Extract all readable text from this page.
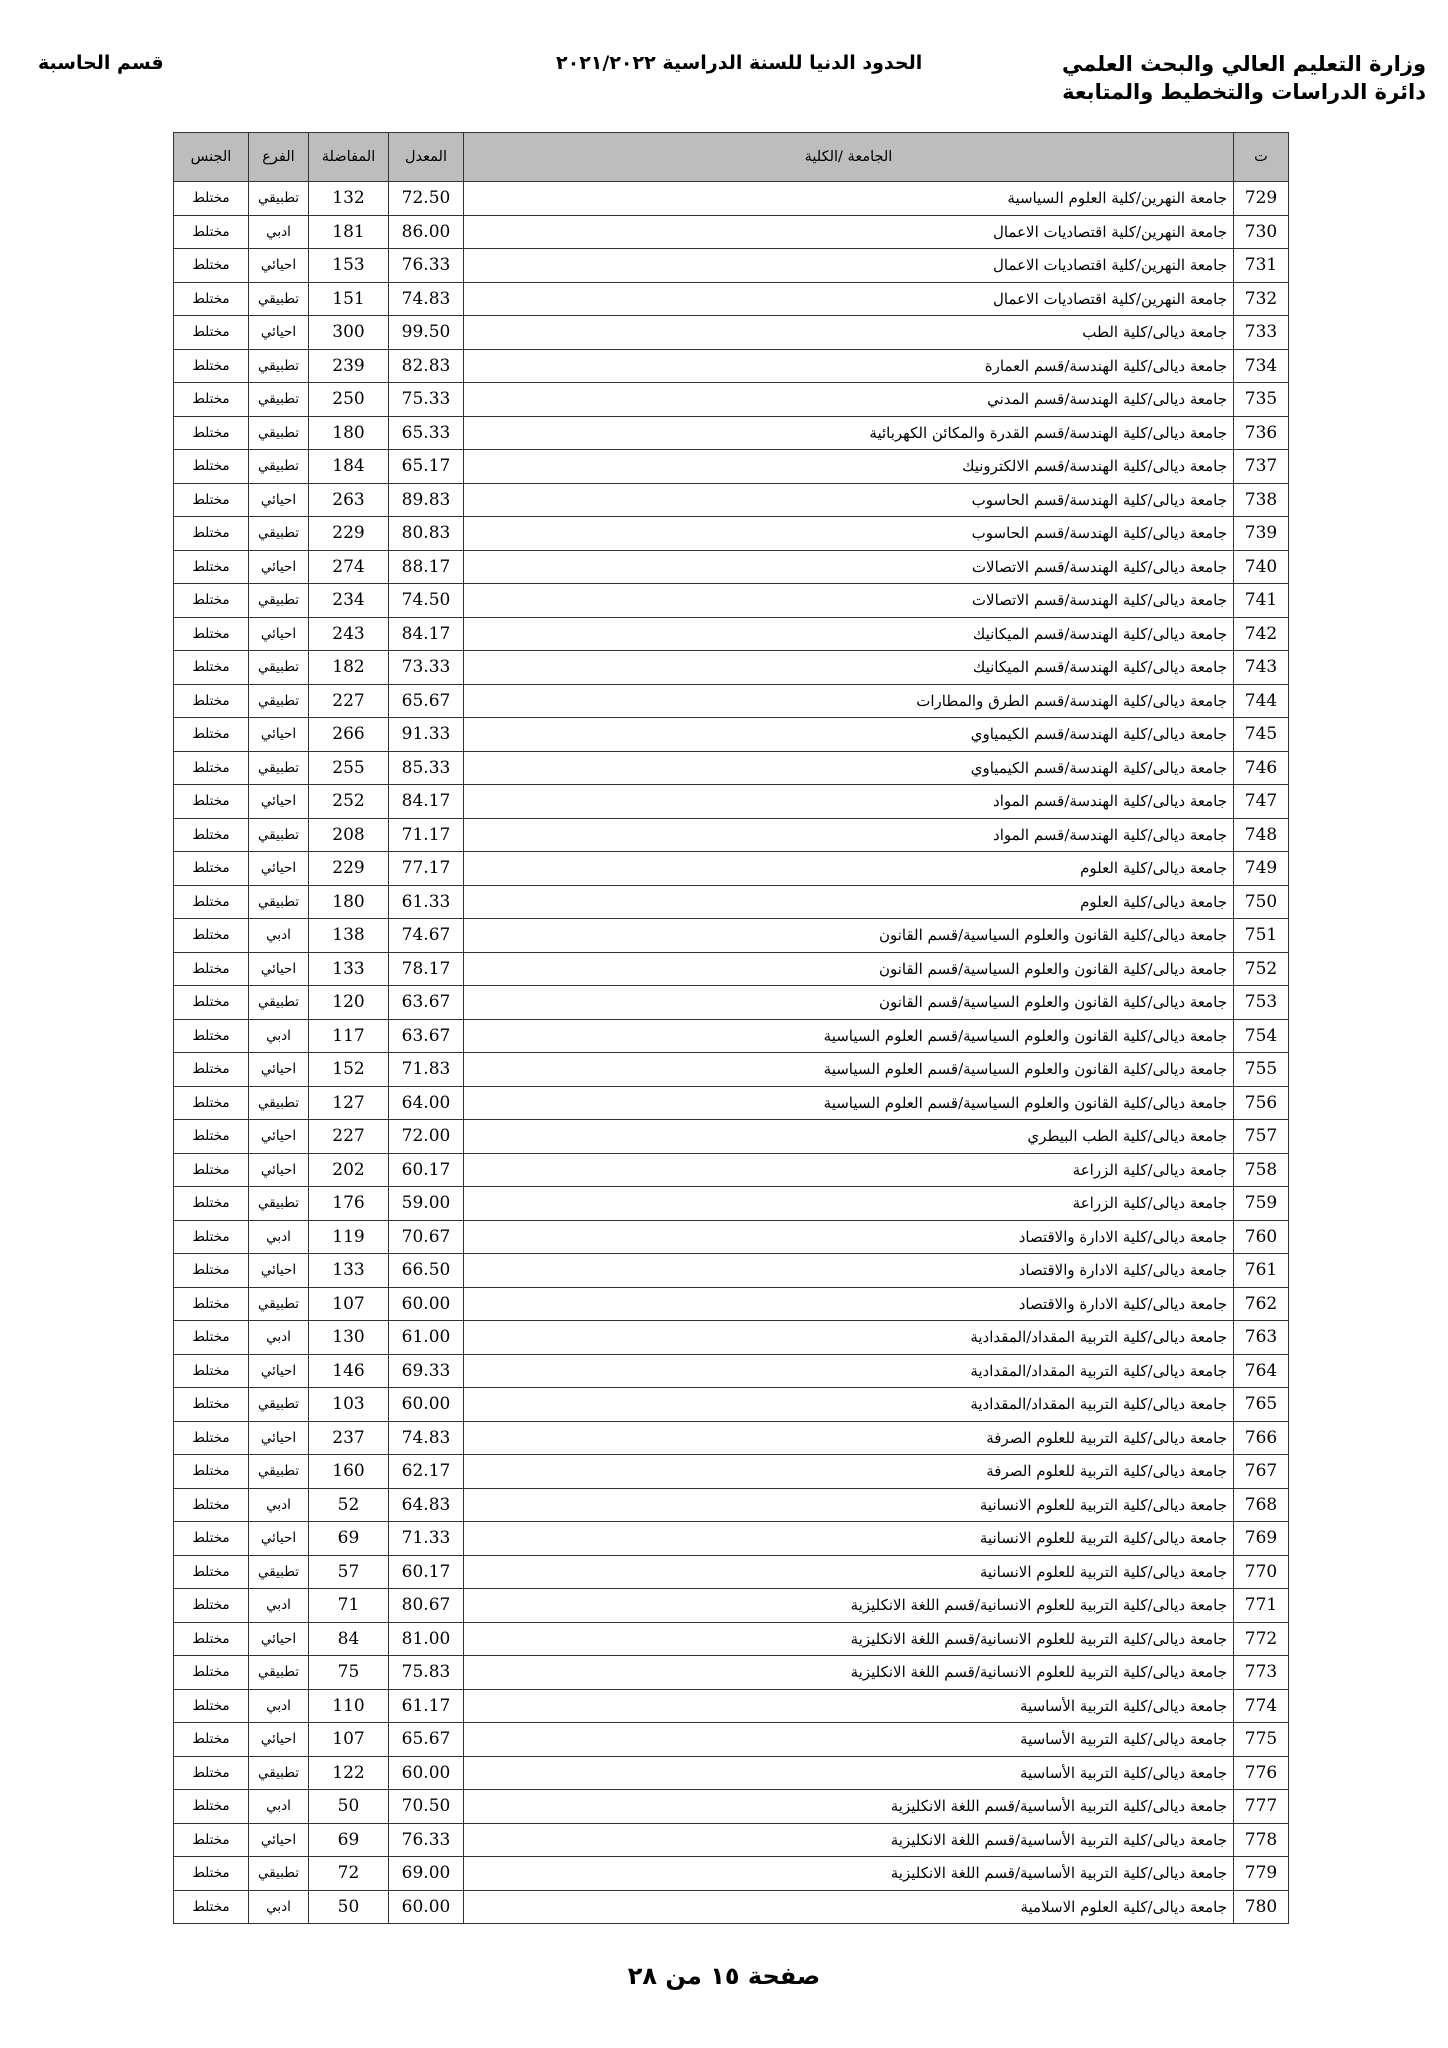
وزارة التعليم العالي والبحث العلمي
دائرة الدراسات والتخطيط والمتابعة
الحدود الدنيا للسنة الدراسية ٢٠٢١/٢٠٢٢
قسم الحاسبة
ت	الجامعة /الكلية	المعدل	المفاضلة	الفرع	الجنس
729	جامعة النهرين/كلية العلوم السياسية	72.50	132	تطبيقي	مختلط
730	جامعة النهرين/كلية اقتصاديات الاعمال	86.00	181	ادبي	مختلط
731	جامعة النهرين/كلية اقتصاديات الاعمال	76.33	153	احيائي	مختلط
732	جامعة النهرين/كلية اقتصاديات الاعمال	74.83	151	تطبيقي	مختلط
733	جامعة ديالى/كلية الطب	99.50	300	احيائي	مختلط
734	جامعة ديالى/كلية الهندسة/قسم العمارة	82.83	239	تطبيقي	مختلط
735	جامعة ديالى/كلية الهندسة/قسم المدني	75.33	250	تطبيقي	مختلط
736	جامعة ديالى/كلية الهندسة/قسم القدرة والمكائن الكهربائية	65.33	180	تطبيقي	مختلط
737	جامعة ديالى/كلية الهندسة/قسم الالكترونيك	65.17	184	تطبيقي	مختلط
738	جامعة ديالى/كلية الهندسة/قسم الحاسوب	89.83	263	احيائي	مختلط
739	جامعة ديالى/كلية الهندسة/قسم الحاسوب	80.83	229	تطبيقي	مختلط
740	جامعة ديالى/كلية الهندسة/قسم الاتصالات	88.17	274	احيائي	مختلط
741	جامعة ديالى/كلية الهندسة/قسم الاتصالات	74.50	234	تطبيقي	مختلط
742	جامعة ديالى/كلية الهندسة/قسم الميكانيك	84.17	243	احيائي	مختلط
743	جامعة ديالى/كلية الهندسة/قسم الميكانيك	73.33	182	تطبيقي	مختلط
744	جامعة ديالى/كلية الهندسة/قسم الطرق والمطارات	65.67	227	تطبيقي	مختلط
745	جامعة ديالى/كلية الهندسة/قسم الكيمياوي	91.33	266	احيائي	مختلط
746	جامعة ديالى/كلية الهندسة/قسم الكيمياوي	85.33	255	تطبيقي	مختلط
747	جامعة ديالى/كلية الهندسة/قسم المواد	84.17	252	احيائي	مختلط
748	جامعة ديالى/كلية الهندسة/قسم المواد	71.17	208	تطبيقي	مختلط
749	جامعة ديالى/كلية العلوم	77.17	229	احيائي	مختلط
750	جامعة ديالى/كلية العلوم	61.33	180	تطبيقي	مختلط
751	جامعة ديالى/كلية القانون والعلوم السياسية/قسم القانون	74.67	138	ادبي	مختلط
752	جامعة ديالى/كلية القانون والعلوم السياسية/قسم القانون	78.17	133	احيائي	مختلط
753	جامعة ديالى/كلية القانون والعلوم السياسية/قسم القانون	63.67	120	تطبيقي	مختلط
754	جامعة ديالى/كلية القانون والعلوم السياسية/قسم العلوم السياسية	63.67	117	ادبي	مختلط
755	جامعة ديالى/كلية القانون والعلوم السياسية/قسم العلوم السياسية	71.83	152	احيائي	مختلط
756	جامعة ديالى/كلية القانون والعلوم السياسية/قسم العلوم السياسية	64.00	127	تطبيقي	مختلط
757	جامعة ديالى/كلية الطب البيطري	72.00	227	احيائي	مختلط
758	جامعة ديالى/كلية الزراعة	60.17	202	احيائي	مختلط
759	جامعة ديالى/كلية الزراعة	59.00	176	تطبيقي	مختلط
760	جامعة ديالى/كلية الادارة والاقتصاد	70.67	119	ادبي	مختلط
761	جامعة ديالى/كلية الادارة والاقتصاد	66.50	133	احيائي	مختلط
762	جامعة ديالى/كلية الادارة والاقتصاد	60.00	107	تطبيقي	مختلط
763	جامعة ديالى/كلية التربية المقداد/المقدادية	61.00	130	ادبي	مختلط
764	جامعة ديالى/كلية التربية المقداد/المقدادية	69.33	146	احيائي	مختلط
765	جامعة ديالى/كلية التربية المقداد/المقدادية	60.00	103	تطبيقي	مختلط
766	جامعة ديالى/كلية التربية للعلوم الصرفة	74.83	237	احيائي	مختلط
767	جامعة ديالى/كلية التربية للعلوم الصرفة	62.17	160	تطبيقي	مختلط
768	جامعة ديالى/كلية التربية للعلوم الانسانية	64.83	52	ادبي	مختلط
769	جامعة ديالى/كلية التربية للعلوم الانسانية	71.33	69	احيائي	مختلط
770	جامعة ديالى/كلية التربية للعلوم الانسانية	60.17	57	تطبيقي	مختلط
771	جامعة ديالى/كلية التربية للعلوم الانسانية/قسم اللغة الانكليزية	80.67	71	ادبي	مختلط
772	جامعة ديالى/كلية التربية للعلوم الانسانية/قسم اللغة الانكليزية	81.00	84	احيائي	مختلط
773	جامعة ديالى/كلية التربية للعلوم الانسانية/قسم اللغة الانكليزية	75.83	75	تطبيقي	مختلط
774	جامعة ديالى/كلية التربية الأساسية	61.17	110	ادبي	مختلط
775	جامعة ديالى/كلية التربية الأساسية	65.67	107	احيائي	مختلط
776	جامعة ديالى/كلية التربية الأساسية	60.00	122	تطبيقي	مختلط
777	جامعة ديالى/كلية التربية الأساسية/قسم اللغة الانكليزية	70.50	50	ادبي	مختلط
778	جامعة ديالى/كلية التربية الأساسية/قسم اللغة الانكليزية	76.33	69	احيائي	مختلط
779	جامعة ديالى/كلية التربية الأساسية/قسم اللغة الانكليزية	69.00	72	تطبيقي	مختلط
780	جامعة ديالى/كلية العلوم الاسلامية	60.00	50	ادبي	مختلط
صفحة ١٥ من ٢٨
